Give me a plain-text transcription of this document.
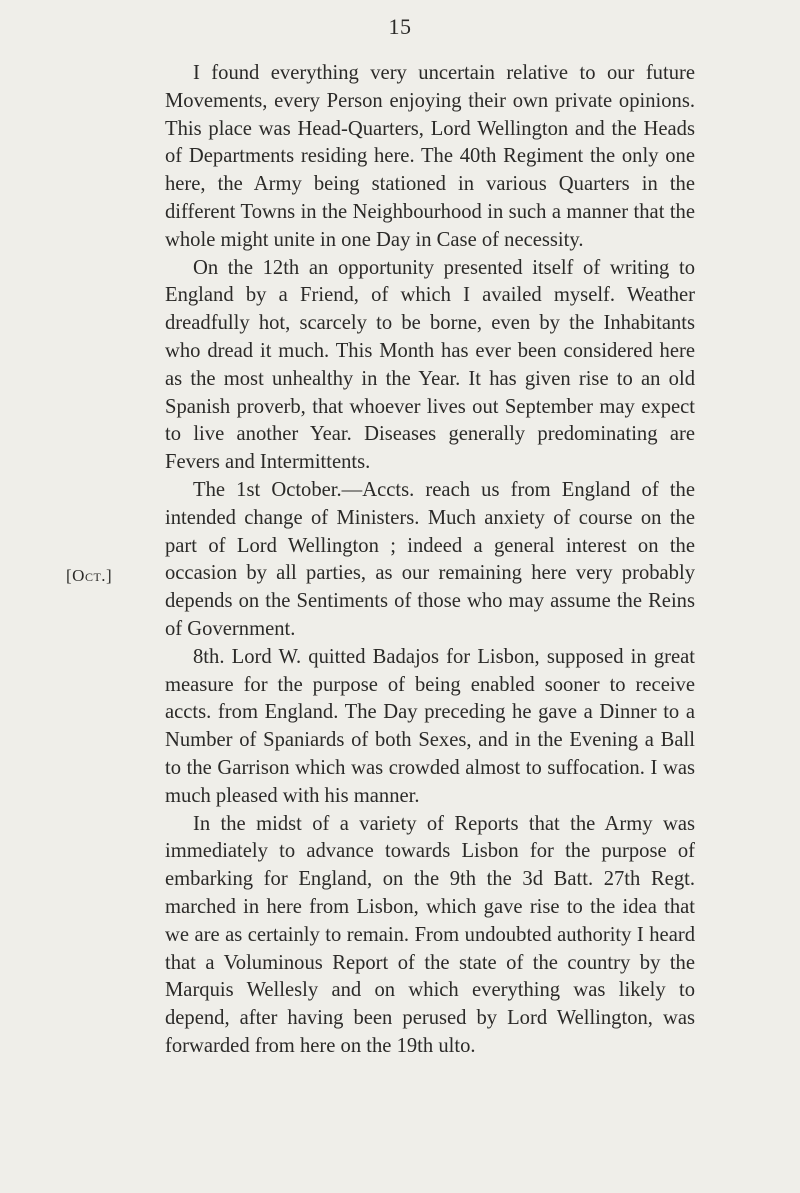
15
[Oct.]

I found everything very uncertain relative to our future Movements, every Person enjoying their own private opinions. This place was Head-Quarters, Lord Wellington and the Heads of Departments residing here. The 40th Regiment the only one here, the Army being stationed in various Quarters in the different Towns in the Neighbourhood in such a manner that the whole might unite in one Day in Case of necessity.

On the 12th an opportunity presented itself of writing to England by a Friend, of which I availed myself. Weather dreadfully hot, scarcely to be borne, even by the Inhabitants who dread it much. This Month has ever been considered here as the most unhealthy in the Year. It has given rise to an old Spanish proverb, that whoever lives out September may expect to live another Year. Diseases generally predominating are Fevers and Intermittents.

The 1st October.—Accts. reach us from England of the intended change of Ministers. Much anxiety of course on the part of Lord Wellington ; indeed a general interest on the occasion by all parties, as our remaining here very probably depends on the Sentiments of those who may assume the Reins of Government.

8th. Lord W. quitted Badajos for Lisbon, supposed in great measure for the purpose of being enabled sooner to receive accts. from England. The Day preceding he gave a Dinner to a Number of Spaniards of both Sexes, and in the Evening a Ball to the Garrison which was crowded almost to suffocation. I was much pleased with his manner.

In the midst of a variety of Reports that the Army was immediately to advance towards Lisbon for the purpose of embarking for England, on the 9th the 3d Batt. 27th Regt. marched in here from Lisbon, which gave rise to the idea that we are as certainly to remain. From undoubted authority I heard that a Voluminous Report of the state of the country by the Marquis Wellesly and on which everything was likely to depend, after having been perused by Lord Wellington, was forwarded from here on the 19th ulto.
